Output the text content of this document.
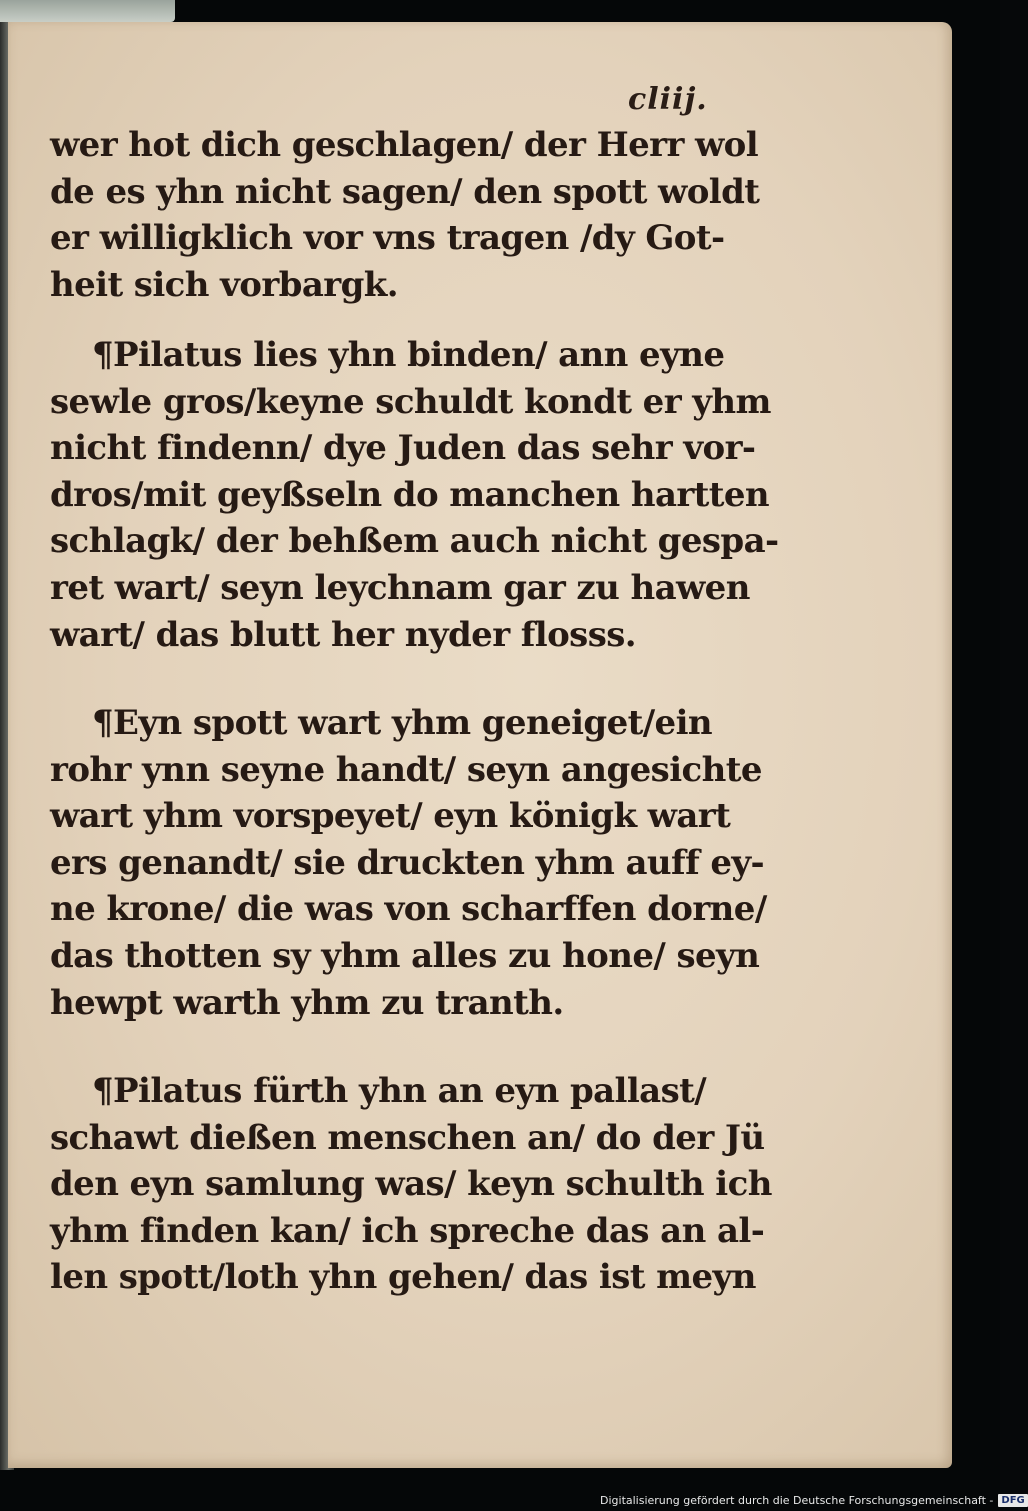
cliij.

wer hot dich geschlagen/ der Herr wol
de es yhn nicht sagen/ den spott woldt
er willigklich vor vns tragen /dy Got-
heit sich vorbargk.
¶Pilatus lies yhn binden/ ann eyne
sewle gros/keyne schuldt kondt er yhm
nicht findenn/ dye Juden das sehr vor-
dros/mit geyßseln do manchen hartten
schlagk/ der behßem auch nicht gespa-
ret wart/ seyn leychnam gar zu hawen
wart/ das blutt her nyder flosss.
¶Eyn spott wart yhm geneiget/ein
rohr ynn seyne handt/ seyn angesichte
wart yhm vorspeyet/ eyn königk wart
ers genandt/ sie druckten yhm auff ey-
ne krone/ die was von scharffen dorne/
das thotten sy yhm alles zu hone/ seyn
hewpt warth yhm zu tranth.
¶Pilatus fürth yhn an eyn pallast/
schawt dießen menschen an/ do der Jü
den eyn samlung was/ keyn schulth ich
yhm finden kan/ ich spreche das an al-
len spott/loth yhn gehen/ das ist meyn
Digitalisierung gefördert durch die Deutsche Forschungsgemeinschaft - DFG
